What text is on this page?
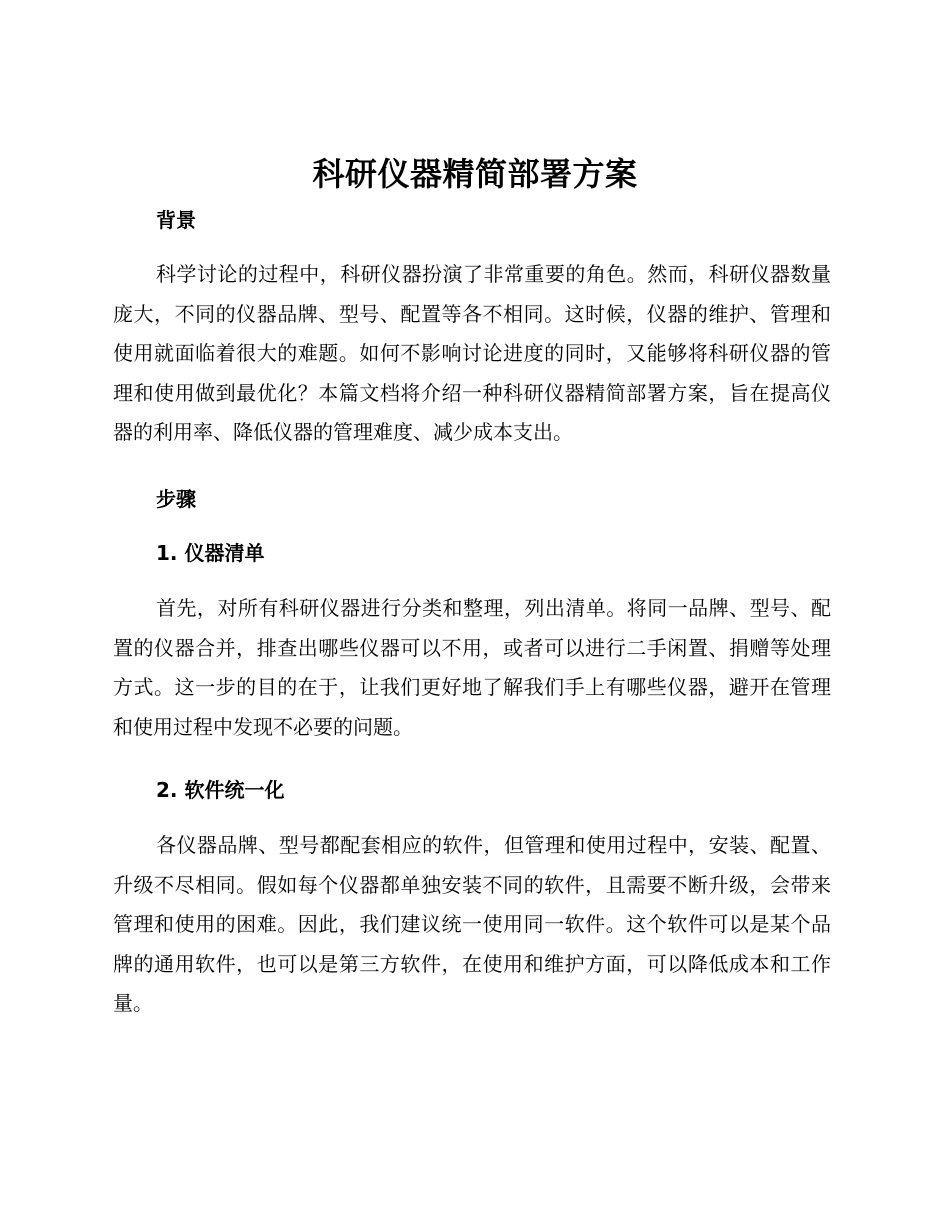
科研仪器精简部署方案
背景
科学讨论的过程中，科研仪器扮演了非常重要的角色。然而，科研仪器数量庞大，不同的仪器品牌、型号、配置等各不相同。这时候，仪器的维护、管理和使用就面临着很大的难题。如何不影响讨论进度的同时，又能够将科研仪器的管理和使用做到最优化？本篇文档将介绍一种科研仪器精简部署方案，旨在提高仪器的利用率、降低仪器的管理难度、减少成本支出。
步骤
1. 仪器清单
首先，对所有科研仪器进行分类和整理，列出清单。将同一品牌、型号、配置的仪器合并，排查出哪些仪器可以不用，或者可以进行二手闲置、捐赠等处理方式。这一步的目的在于，让我们更好地了解我们手上有哪些仪器，避开在管理和使用过程中发现不必要的问题。
2. 软件统一化
各仪器品牌、型号都配套相应的软件，但管理和使用过程中，安装、配置、升级不尽相同。假如每个仪器都单独安装不同的软件，且需要不断升级，会带来管理和使用的困难。因此，我们建议统一使用同一软件。这个软件可以是某个品牌的通用软件，也可以是第三方软件，在使用和维护方面，可以降低成本和工作量。
